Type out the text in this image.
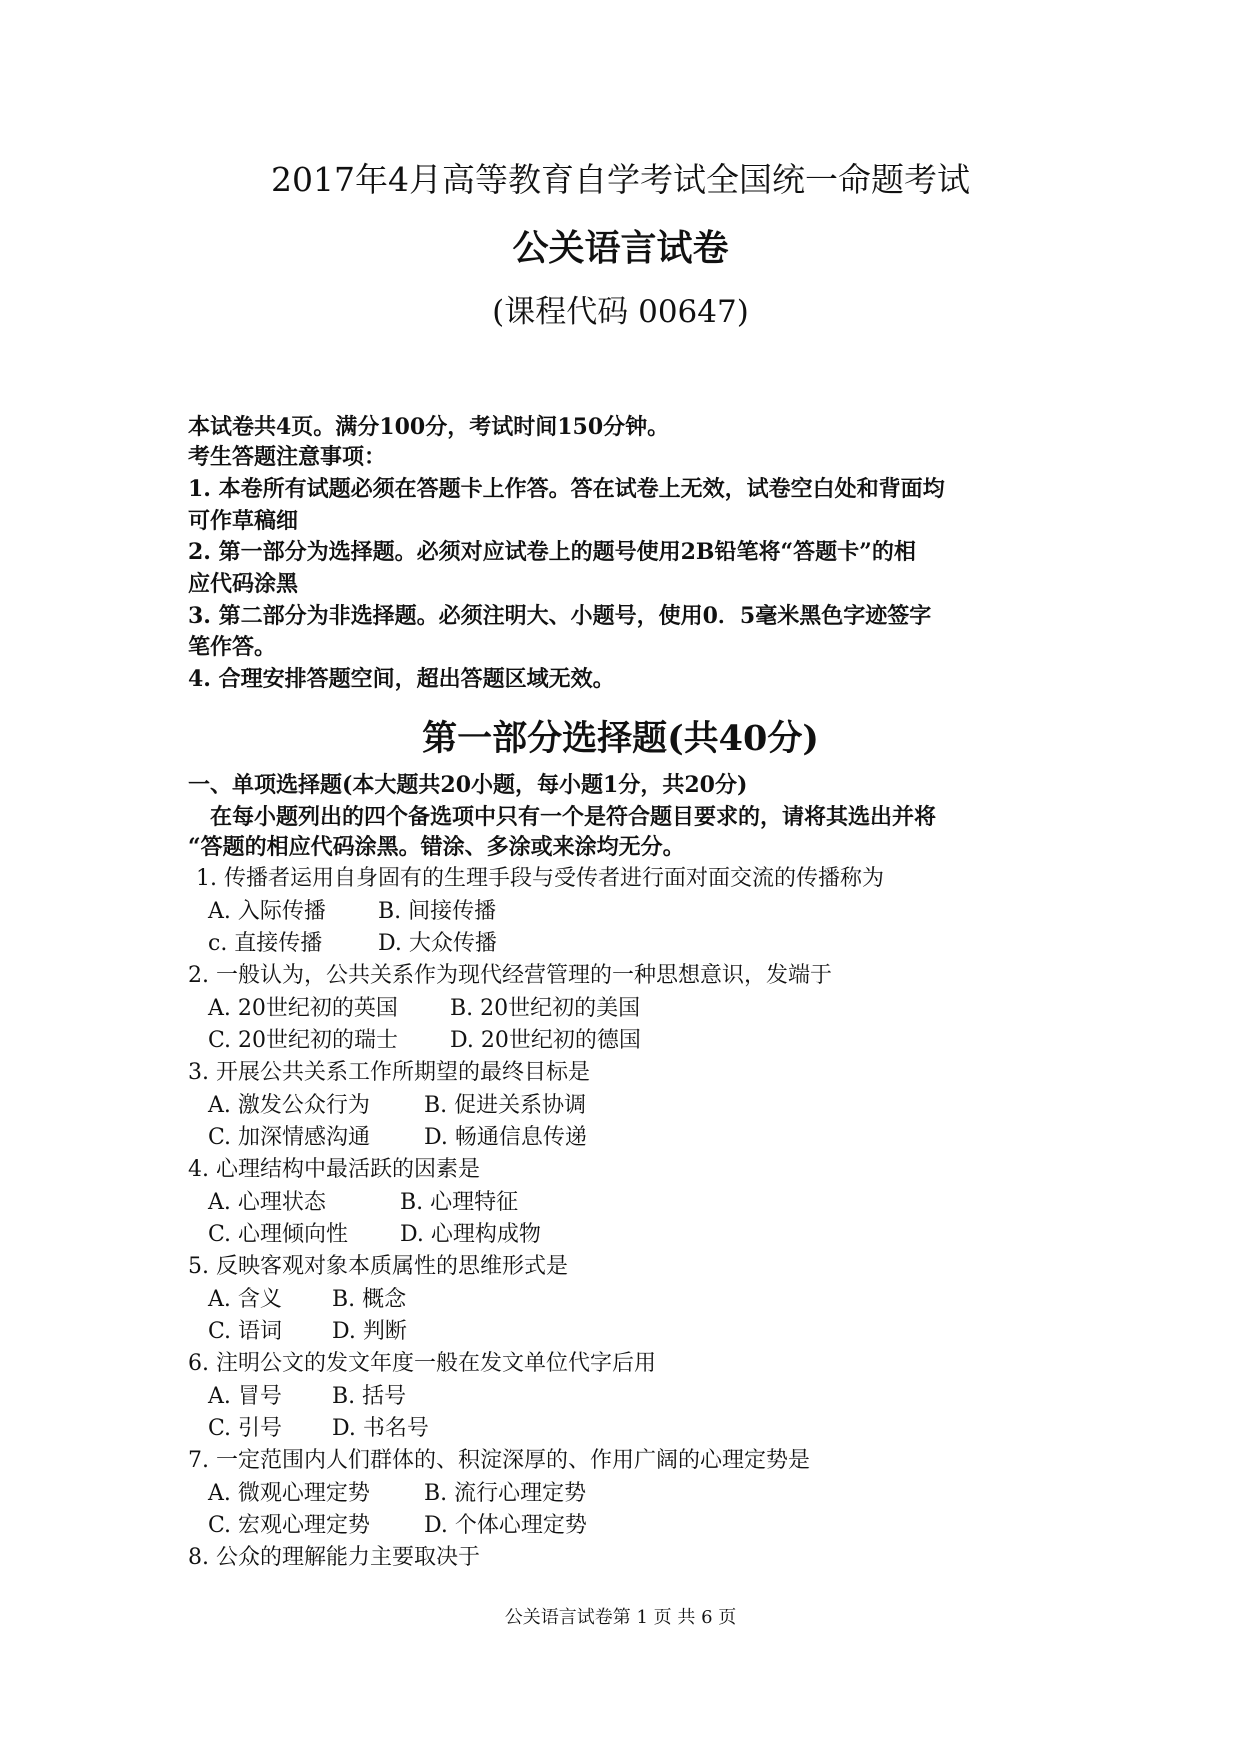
2017年4月高等教育自学考试全国统一命题考试
公关语言试卷
(课程代码 00647)
本试卷共4页。满分100分，考试时间150分钟。
考生答题注意事项：
1. 本卷所有试题必须在答题卡上作答。答在试卷上无效，试卷空白处和背面均
可作草稿细
2. 第一部分为选择题。必须对应试卷上的题号使用2B铅笔将“答题卡”的相
应代码涂黑
3. 第二部分为非选择题。必须注明大、小题号，使用0．5毫米黑色字迹签字
笔作答。
4. 合理安排答题空间，超出答题区域无效。
第一部分选择题(共40分)
一、单项选择题(本大题共20小题，每小题1分，共20分)
在每小题列出的四个备选项中只有一个是符合题目要求的，请将其选出并将
“答题的相应代码涂黑。错涂、多涂或来涂均无分。
1. 传播者运用自身固有的生理手段与受传者进行面对面交流的传播称为
A. 入际传播 B. 间接传播
c. 直接传播	D. 大众传播
2. 一般认为，公共关系作为现代经营管理的一种思想意识，发端于
A. 20世纪初的英国 B. 20世纪初的美国
C. 20世纪初的瑞士 D. 20世纪初的德国
3. 开展公共关系工作所期望的最终目标是
A. 激发公众行为 B. 促进关系协调
C. 加深情感沟通 D. 畅通信息传递
4. 心理结构中最活跃的因素是
A. 心理状态	B. 心理特征
C. 心理倾向性 D. 心理构成物
5. 反映客观对象本质属性的思维形式是
A. 含义 B. 概念
C. 语词 D. 判断
6. 注明公文的发文年度一般在发文单位代字后用
A. 冒号 B. 括号
C. 引号 D. 书名号
7. 一定范围内人们群体的、积淀深厚的、作用广阔的心理定势是
A. 微观心理定势 B. 流行心理定势
C. 宏观心理定势 D. 个体心理定势
8. 公众的理解能力主要取决于
公关语言试卷第 1 页 共 6 页
